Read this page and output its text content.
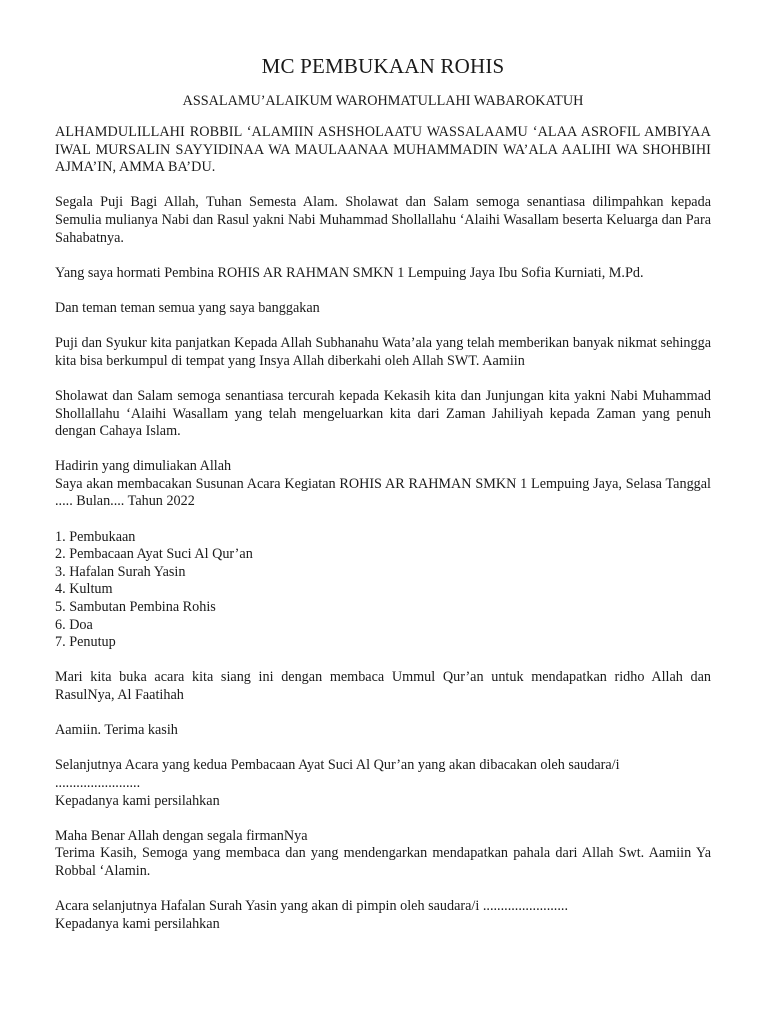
MC PEMBUKAAN ROHIS
ASSALAMU’ALAIKUM WAROHMATULLAHI WABAROKATUH

ALHAMDULILLAHI ROBBIL ‘ALAMIIN ASHSHOLAATU WASSALAAMU ‘ALAA ASROFIL AMBIYAA IWAL MURSALIN SAYYIDINAA WA MAULAANAA MUHAMMADIN WA’ALA AALIHI WA SHOHBIHI AJMA’IN, AMMA BA’DU.

Segala Puji Bagi Allah, Tuhan Semesta Alam. Sholawat dan Salam semoga senantiasa dilimpahkan kepada Semulia mulianya Nabi dan Rasul yakni Nabi Muhammad Shollallahu ‘Alaihi Wasallam beserta Keluarga dan Para Sahabatnya.

Yang saya hormati Pembina ROHIS AR RAHMAN SMKN 1 Lempuing Jaya Ibu Sofia Kurniati, M.Pd.

Dan teman teman semua yang saya banggakan

Puji dan Syukur kita panjatkan Kepada Allah Subhanahu Wata’ala yang telah memberikan banyak nikmat sehingga kita bisa berkumpul di tempat yang Insya Allah diberkahi oleh Allah SWT. Aamiin

Sholawat dan Salam semoga senantiasa tercurah kepada Kekasih kita dan Junjungan kita yakni Nabi Muhammad Shollallahu ‘Alaihi Wasallam yang telah mengeluarkan kita dari Zaman Jahiliyah kepada Zaman yang penuh dengan Cahaya Islam.

Hadirin yang dimuliakan Allah
Saya akan membacakan Susunan Acara Kegiatan ROHIS AR RAHMAN SMKN 1 Lempuing Jaya, Selasa Tanggal ..... Bulan.... Tahun 2022

1. Pembukaan
2. Pembacaan Ayat Suci Al Qur’an
3. Hafalan Surah Yasin
4. Kultum
5. Sambutan Pembina Rohis
6. Doa
7. Penutup

Mari kita buka acara kita siang ini dengan membaca Ummul Qur’an untuk mendapatkan ridho Allah dan RasulNya, Al Faatihah

Aamiin. Terima kasih

Selanjutnya Acara yang kedua Pembacaan Ayat Suci Al Qur’an yang akan dibacakan oleh saudara/i
........................
Kepadanya kami persilahkan

Maha Benar Allah dengan segala firmanNya
Terima Kasih, Semoga yang membaca dan yang mendengarkan mendapatkan pahala dari Allah Swt. Aamiin Ya Robbal ‘Alamin.

Acara selanjutnya Hafalan Surah Yasin yang akan di pimpin oleh saudara/i ........................
Kepadanya kami persilahkan
